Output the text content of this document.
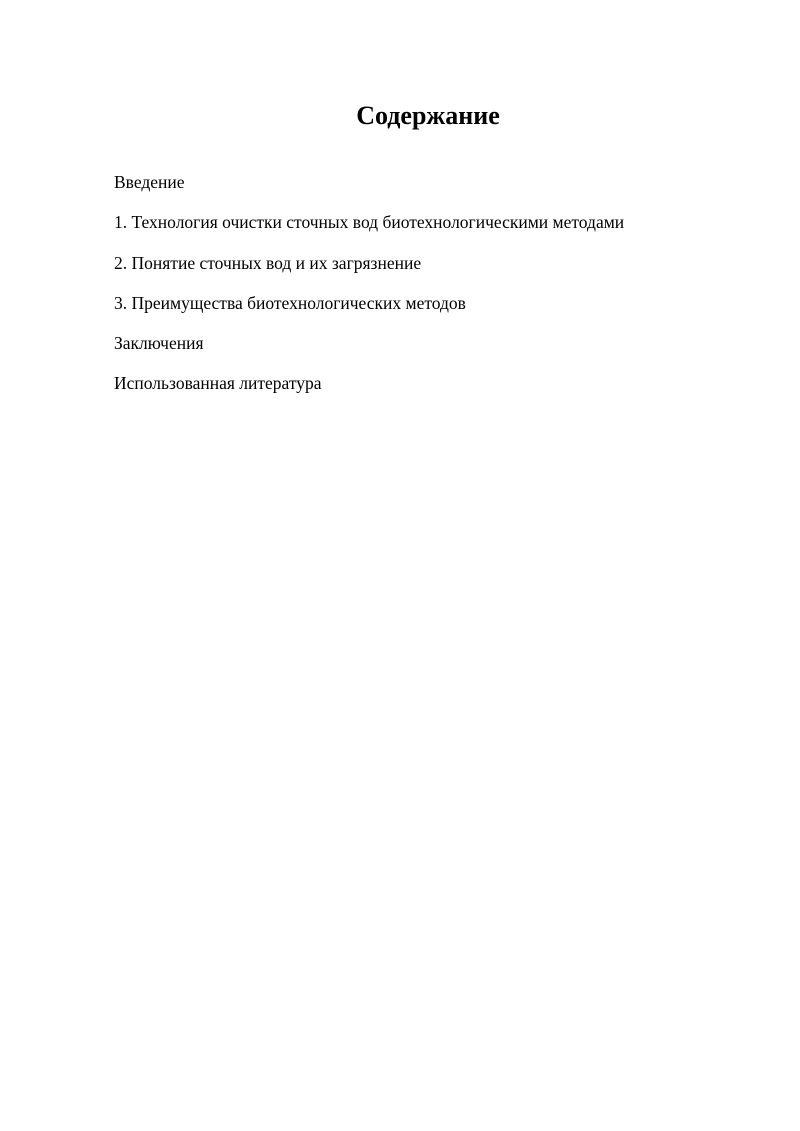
Содержание
Введение
1. Технология очистки сточных вод биотехнологическими методами
2. Понятие сточных вод и их загрязнение
3. Преимущества биотехнологических методов
Заключения
Использованная литература
